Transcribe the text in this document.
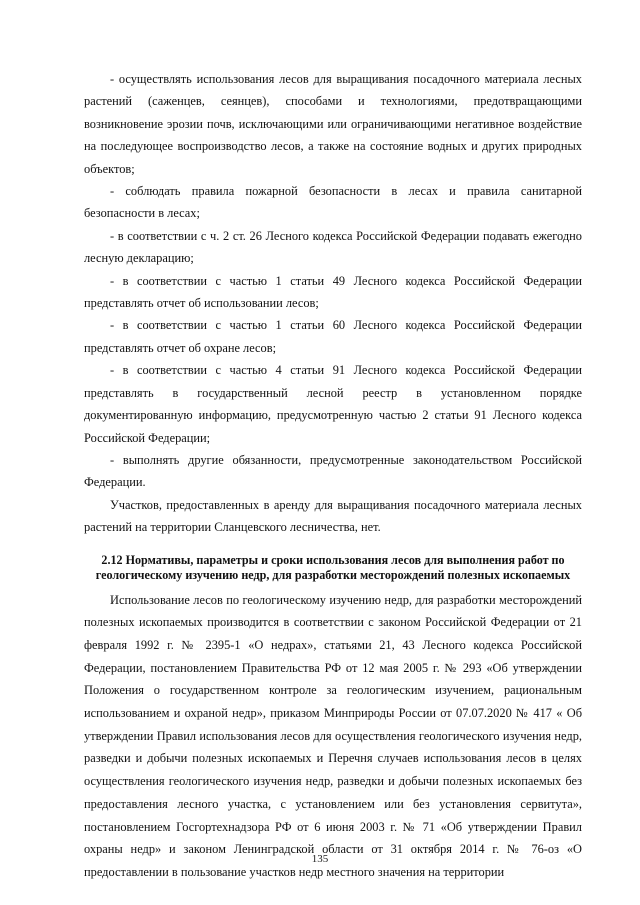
- осуществлять использования лесов для выращивания посадочного материала лесных растений (саженцев, сеянцев), способами и технологиями, предотвращающими возникновение эрозии почв, исключающими или ограничивающими негативное воздействие на последующее воспроизводство лесов, а также на состояние водных и других природных объектов;

- соблюдать правила пожарной безопасности в лесах и правила санитарной безопасности в лесах;

- в соответствии с ч. 2 ст. 26 Лесного кодекса Российской Федерации подавать ежегодно лесную декларацию;

- в соответствии с частью 1 статьи 49 Лесного кодекса Российской Федерации представлять отчет об использовании лесов;

- в соответствии с частью 1 статьи 60 Лесного кодекса Российской Федерации представлять отчет об охране лесов;

- в соответствии с частью 4 статьи 91 Лесного кодекса Российской Федерации представлять в государственный лесной реестр в установленном порядке документированную информацию, предусмотренную частью 2 статьи 91 Лесного кодекса Российской Федерации;

- выполнять другие обязанности, предусмотренные законодательством Российской Федерации.

Участков, предоставленных в аренду для выращивания посадочного материала лесных растений на территории Сланцевского лесничества, нет.

2.12 Нормативы, параметры и сроки использования лесов для выполнения работ по геологическому изучению недр, для разработки месторождений полезных ископаемых

Использование лесов по геологическому изучению недр, для разработки месторождений полезных ископаемых производится в соответствии с законом Российской Федерации от 21 февраля 1992 г. № 2395-1 «О недрах», статьями 21, 43 Лесного кодекса Российской Федерации, постановлением Правительства РФ от 12 мая 2005 г. № 293 «Об утверждении Положения о государственном контроле за геологическим изучением, рациональным использованием и охраной недр», приказом Минприроды России от 07.07.2020 № 417 « Об утверждении Правил использования лесов для осуществления геологического изучения недр, разведки и добычи полезных ископаемых и Перечня случаев использования лесов в целях осуществления геологического изучения недр, разведки и добычи полезных ископаемых без предоставления лесного участка, с установлением или без установления сервитута», постановлением Госгортехнадзора РФ от 6 июня 2003 г. № 71 «Об утверждении Правил охраны недр» и законом Ленинградской области от 31 октября 2014 г. № 76-оз «О предоставлении в пользование участков недр местного значения на территории

135
